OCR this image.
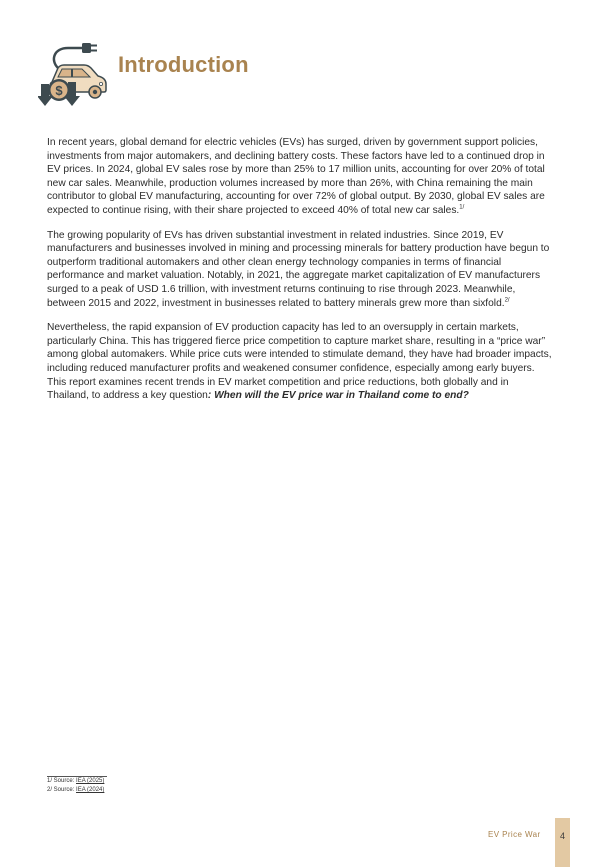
$
Introduction

In recent years, global demand for electric vehicles (EVs) has surged, driven by government support policies, investments from major automakers, and declining battery costs. These factors have led to a continued drop in EV prices. In 2024, global EV sales rose by more than 25% to 17 million units, accounting for over 20% of total new car sales. Meanwhile, production volumes increased by more than 26%, with China remaining the main contributor to global EV manufacturing, accounting for over 72% of global output. By 2030, global EV sales are expected to continue rising, with their share projected to exceed 40% of total new car sales.$^{1/}$

The growing popularity of EVs has driven substantial investment in related industries. Since 2019, EV manufacturers and businesses involved in mining and processing minerals for battery production have begun to outperform traditional automakers and other clean energy technology companies in terms of financial performance and market valuation. Notably, in 2021, the aggregate market capitalization of EV manufacturers surged to a peak of USD 1.6 trillion, with investment returns continuing to rise through 2023. Meanwhile, between 2015 and 2022, investment in businesses related to battery minerals grew more than sixfold.$^{2/}$

Nevertheless, the rapid expansion of EV production capacity has led to an oversupply in certain markets, particularly China. This has triggered fierce price competition to capture market share, resulting in a “price war” among global automakers. While price cuts were intended to stimulate demand, they have had broader impacts, including reduced manufacturer profits and weakened consumer confidence, especially among early buyers. This report examines recent trends in EV market competition and price reductions, both globally and in Thailand, to address a key question: When will the EV price war in Thailand come to end?

1/ Source: IEA (2025)
2/ Source: IEA (2024)
EV Price War	4
